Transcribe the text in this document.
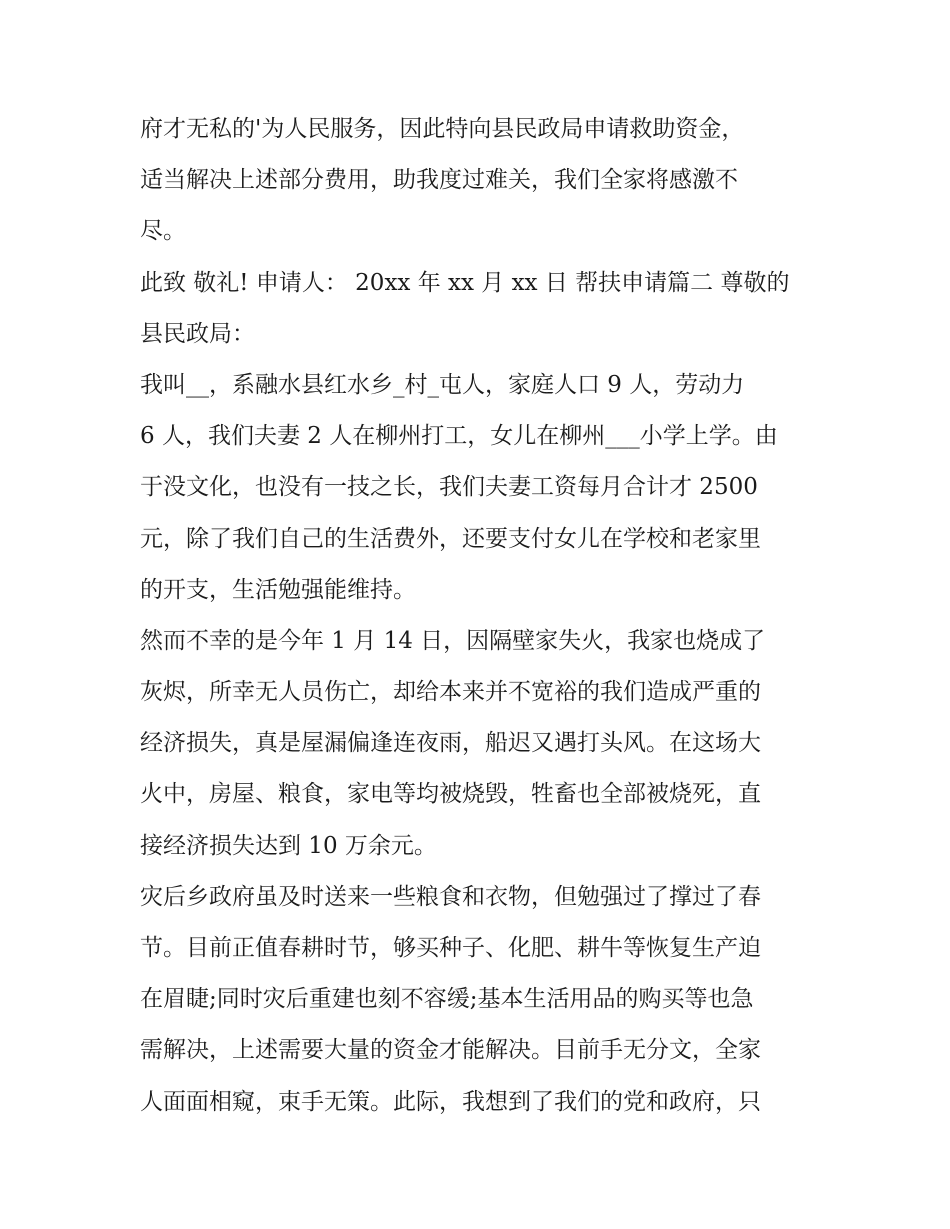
府才无私的'为人民服务，因此特向县民政局申请救助资金，
适当解决上述部分费用，助我度过难关，我们全家将感激不
尽。
此致 敬礼! 申请人： 20xx 年 xx 月 xx 日 帮扶申请篇二 尊敬的
县民政局：
我叫__，系融水县红水乡_村_屯人，家庭人口 9 人，劳动力
6 人，我们夫妻 2 人在柳州打工，女儿在柳州___小学上学。由
于没文化，也没有一技之长，我们夫妻工资每月合计才 2500
元，除了我们自己的生活费外，还要支付女儿在学校和老家里
的开支，生活勉强能维持。
然而不幸的是今年 1 月 14 日，因隔壁家失火，我家也烧成了
灰烬，所幸无人员伤亡，却给本来并不宽裕的我们造成严重的
经济损失，真是屋漏偏逢连夜雨，船迟又遇打头风。在这场大
火中，房屋、粮食，家电等均被烧毁，牲畜也全部被烧死，直
接经济损失达到 10 万余元。
灾后乡政府虽及时送来一些粮食和衣物，但勉强过了撑过了春
节。目前正值春耕时节，够买种子、化肥、耕牛等恢复生产迫
在眉睫;同时灾后重建也刻不容缓;基本生活用品的购买等也急
需解决，上述需要大量的资金才能解决。目前手无分文，全家
人面面相窥，束手无策。此际，我想到了我们的党和政府，只
